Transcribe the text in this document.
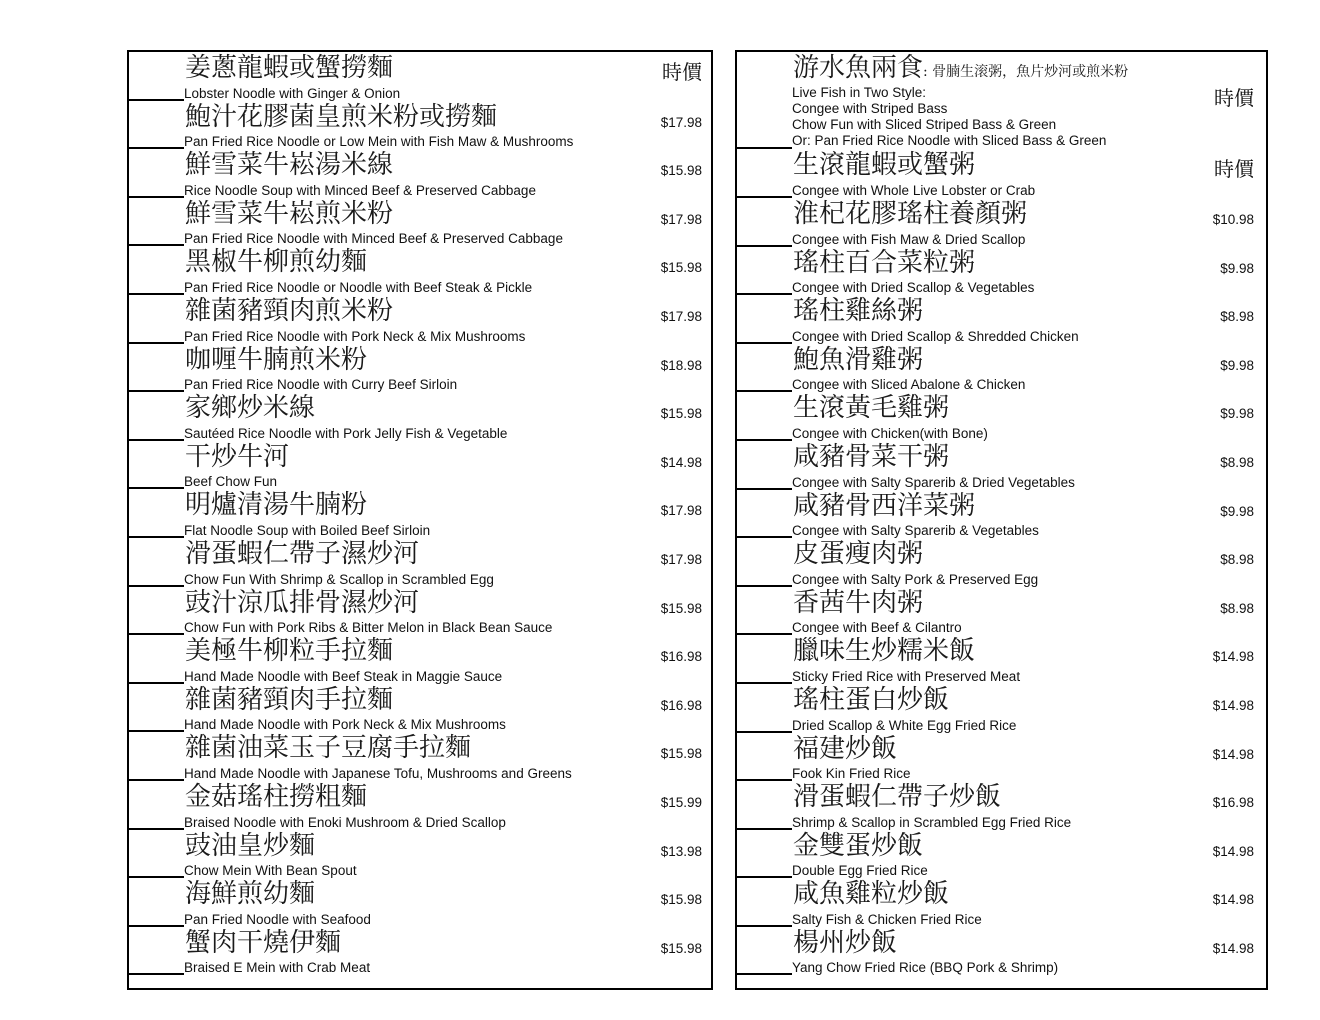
姜蔥龍蝦或蟹撈麵
Lobster Noodle with Ginger & Onion
時價
鮑汁花膠菌皇煎米粉或撈麵
Pan Fried Rice Noodle or Low Mein with Fish Maw & Mushrooms
$17.98
鮮雪菜牛崧湯米線
Rice Noodle Soup with Minced Beef & Preserved Cabbage
$15.98
鮮雪菜牛崧煎米粉
Pan Fried Rice Noodle with Minced Beef & Preserved Cabbage
$17.98
黑椒牛柳煎幼麵
Pan Fried Rice Noodle or Noodle with Beef Steak & Pickle
$15.98
雜菌豬頸肉煎米粉
Pan Fried Rice Noodle with Pork Neck & Mix Mushrooms
$17.98
咖喱牛腩煎米粉
Pan Fried Rice Noodle with Curry Beef Sirloin
$18.98
家鄉炒米線
Sautéed Rice Noodle with Pork Jelly Fish & Vegetable
$15.98
干炒牛河
Beef Chow Fun
$14.98
明爐清湯牛腩粉
Flat Noodle Soup with Boiled Beef Sirloin
$17.98
滑蛋蝦仁帶子濕炒河
Chow Fun With Shrimp & Scallop in Scrambled Egg
$17.98
豉汁涼瓜排骨濕炒河
Chow Fun with Pork Ribs & Bitter Melon in Black Bean Sauce
$15.98
美極牛柳粒手拉麵
Hand Made Noodle with Beef Steak in Maggie Sauce
$16.98
雜菌豬頸肉手拉麵
Hand Made Noodle with Pork Neck & Mix Mushrooms
$16.98
雜菌油菜玉子豆腐手拉麵
Hand Made Noodle with Japanese Tofu, Mushrooms and Greens
$15.98
金菇瑤柱撈粗麵
Braised Noodle with Enoki Mushroom & Dried Scallop
$15.99
豉油皇炒麵
Chow Mein With Bean Spout
$13.98
海鮮煎幼麵
Pan Fried Noodle with Seafood
$15.98
蟹肉干燒伊麵
Braised E Mein with Crab Meat
$15.98
游水魚兩食: 骨腩生滚粥，魚片炒河或煎米粉
Live Fish in Two Style:
Congee with Striped Bass
Chow Fun with Sliced Striped Bass & Green
Or: Pan Fried Rice Noodle with Sliced Bass & Green
時價
生滾龍蝦或蟹粥
Congee with Whole Live Lobster or Crab
時價
淮杞花膠瑤柱養顏粥
Congee with Fish Maw & Dried Scallop
$10.98
瑤柱百合菜粒粥
Congee with Dried Scallop & Vegetables
$9.98
瑤柱雞絲粥
Congee with Dried Scallop & Shredded Chicken
$8.98
鮑魚滑雞粥
Congee with Sliced Abalone & Chicken
$9.98
生滾黃毛雞粥
Congee with Chicken(with Bone)
$9.98
咸豬骨菜干粥
Congee with Salty Sparerib & Dried Vegetables
$8.98
咸豬骨西洋菜粥
Congee with Salty Sparerib & Vegetables
$9.98
皮蛋瘦肉粥
Congee with Salty Pork & Preserved Egg
$8.98
香茜牛肉粥
Congee with Beef & Cilantro
$8.98
臘味生炒糯米飯
Sticky Fried Rice with Preserved Meat
$14.98
瑤柱蛋白炒飯
Dried Scallop & White Egg Fried Rice
$14.98
福建炒飯
Fook Kin Fried Rice
$14.98
滑蛋蝦仁帶子炒飯
Shrimp & Scallop in Scrambled Egg Fried Rice
$16.98
金雙蛋炒飯
Double Egg Fried Rice
$14.98
咸魚雞粒炒飯
Salty Fish & Chicken Fried Rice
$14.98
楊州炒飯
Yang Chow Fried Rice (BBQ Pork & Shrimp)
$14.98
